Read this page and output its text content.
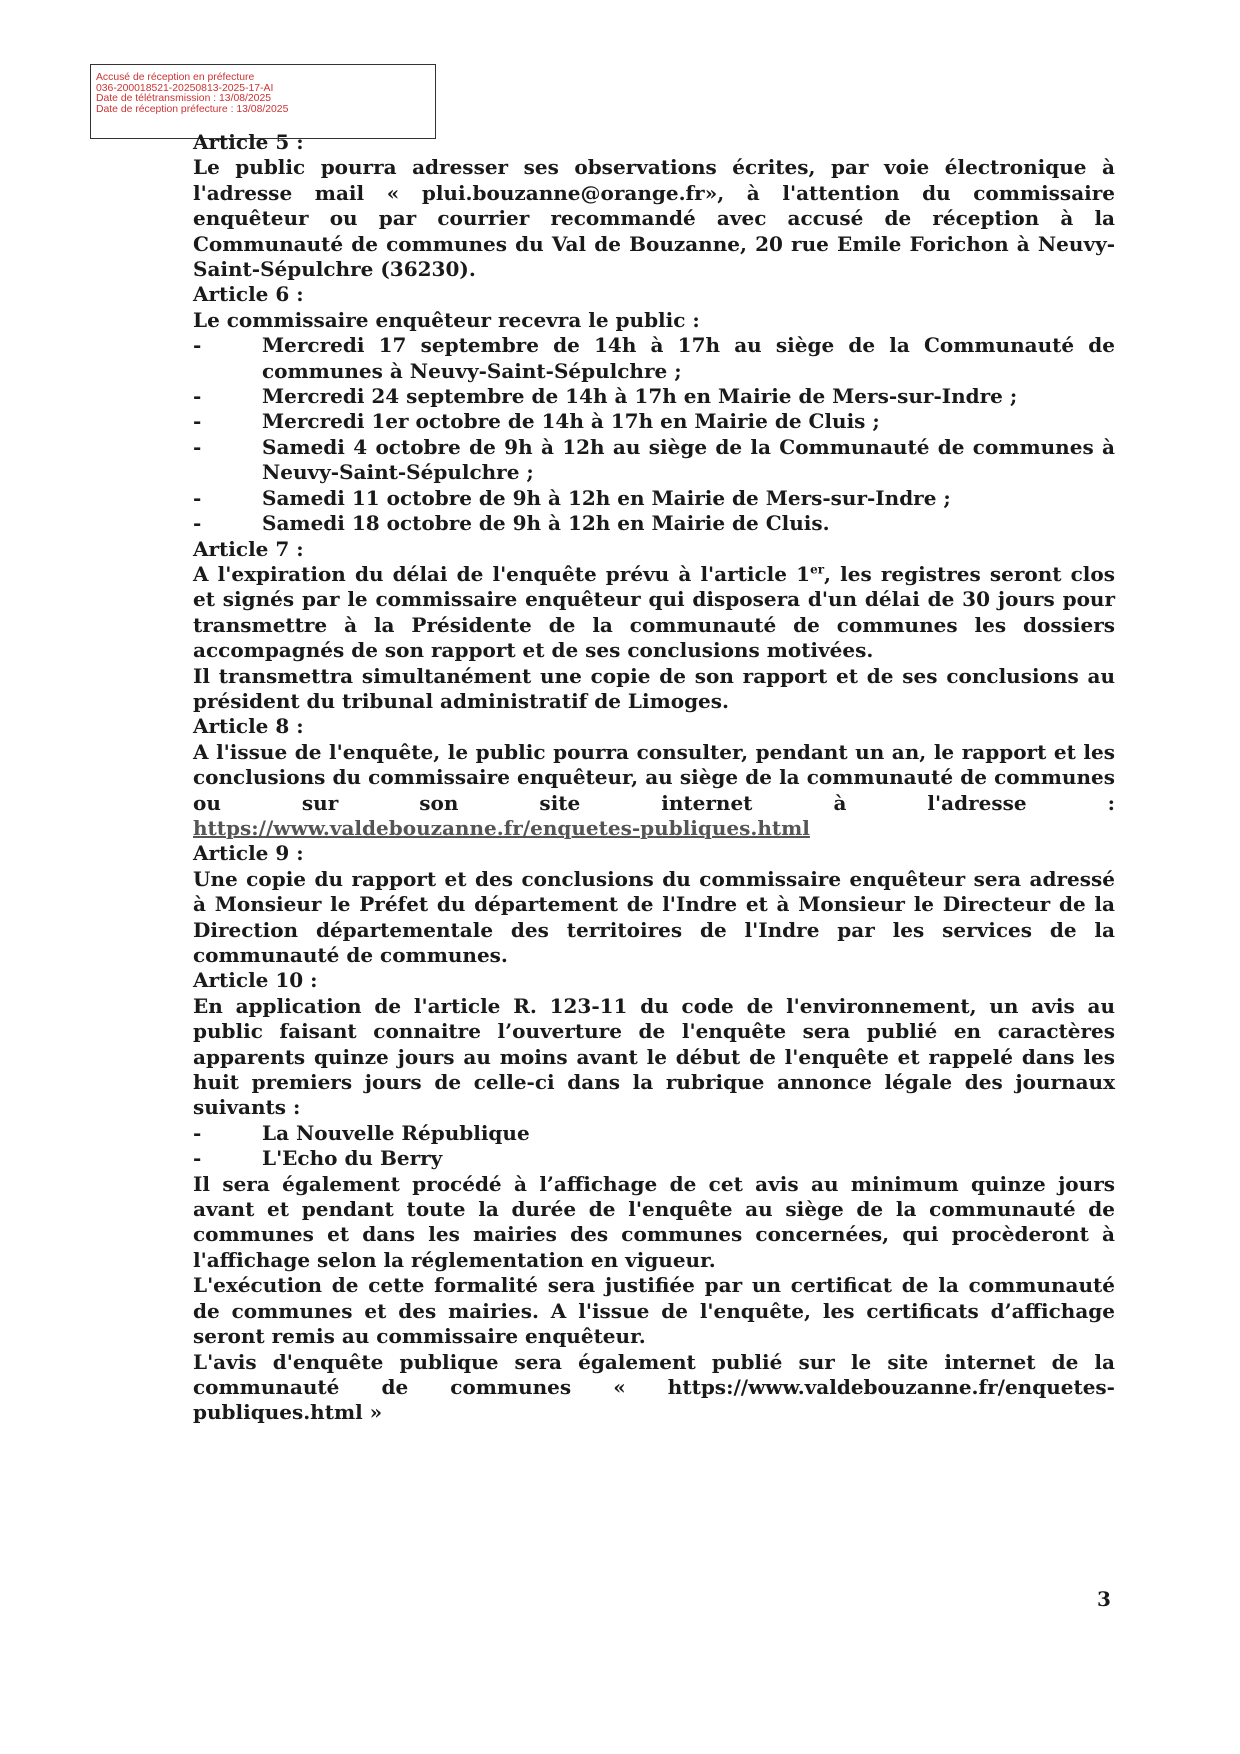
Accusé de réception en préfecture
036-200018521-20250813-2025-17-AI
Date de télétransmission : 13/08/2025
Date de réception préfecture : 13/08/2025
Article 5 :
Le public pourra adresser ses observations écrites, par voie électronique à l'adresse mail « plui.bouzanne@orange.fr», à l'attention du commissaire enquêteur ou par courrier recommandé avec accusé de réception à la Communauté de communes du Val de Bouzanne, 20 rue Emile Forichon à Neuvy-Saint-Sépulchre (36230).
Article 6 :
Le commissaire enquêteur recevra le public :
- Mercredi 17 septembre de 14h à 17h au siège de la Communauté de communes à Neuvy-Saint-Sépulchre ;
- Mercredi 24 septembre de 14h à 17h en Mairie de Mers-sur-Indre ;
- Mercredi 1er octobre de 14h à 17h en Mairie de Cluis ;
- Samedi 4 octobre de 9h à 12h au siège de la Communauté de communes à Neuvy-Saint-Sépulchre ;
- Samedi 11 octobre de 9h à 12h en Mairie de Mers-sur-Indre ;
- Samedi 18 octobre de 9h à 12h en Mairie de Cluis.
Article 7 :
A l'expiration du délai de l'enquête prévu à l'article 1er, les registres seront clos et signés par le commissaire enquêteur qui disposera d'un délai de 30 jours pour transmettre à la Présidente de la communauté de communes les dossiers accompagnés de son rapport et de ses conclusions motivées.
Il transmettra simultanément une copie de son rapport et de ses conclusions au président du tribunal administratif de Limoges.
Article 8 :
A l'issue de l'enquête, le public pourra consulter, pendant un an, le rapport et les conclusions du commissaire enquêteur, au siège de la communauté de communes ou sur son site internet à l'adresse :
https://www.valdebouzanne.fr/enquetes-publiques.html
Article 9 :
Une copie du rapport et des conclusions du commissaire enquêteur sera adressé à Monsieur le Préfet du département de l'Indre et à Monsieur le Directeur de la Direction départementale des territoires de l'Indre par les services de la communauté de communes.
Article 10 :
En application de l'article R. 123-11 du code de l'environnement, un avis au public faisant connaitre l’ouverture de l'enquête sera publié en caractères apparents quinze jours au moins avant le début de l'enquête et rappelé dans les huit premiers jours de celle-ci dans la rubrique annonce légale des journaux suivants :
- La Nouvelle République
- L'Echo du Berry
Il sera également procédé à l’affichage de cet avis au minimum quinze jours avant et pendant toute la durée de l'enquête au siège de la communauté de communes et dans les mairies des communes concernées, qui procèderont à l'affichage selon la réglementation en vigueur.
L'exécution de cette formalité sera justifiée par un certificat de la communauté de communes et des mairies. A l'issue de l'enquête, les certificats d’affichage seront remis au commissaire enquêteur.
L'avis d'enquête publique sera également publié sur le site internet de la communauté de communes « https://www.valdebouzanne.fr/enquetes-publiques.html »
3
